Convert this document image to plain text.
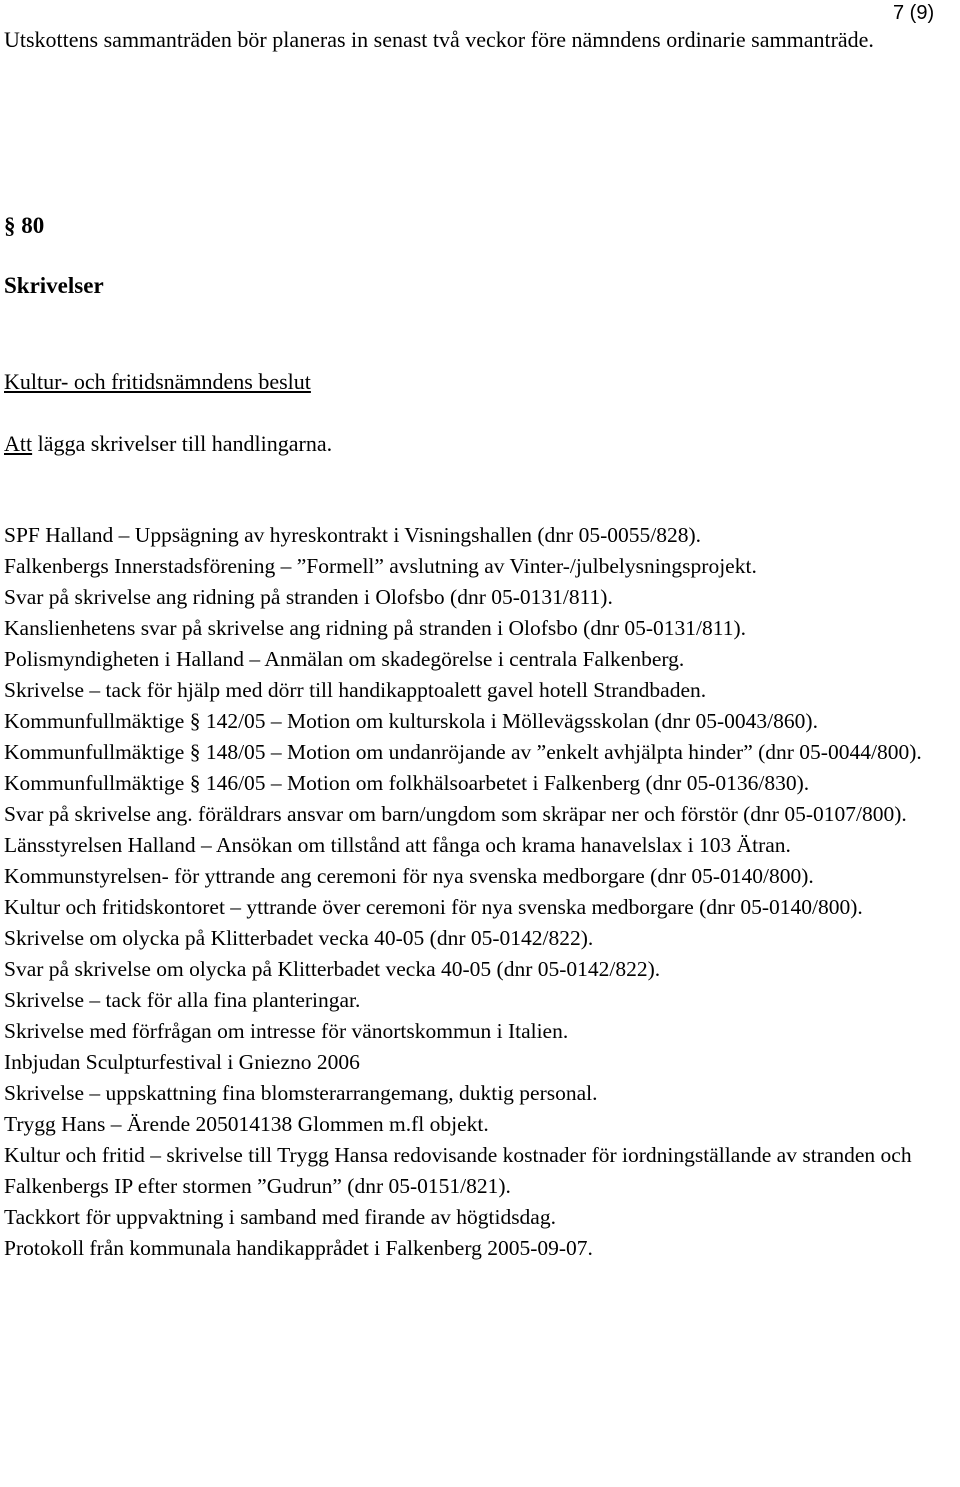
7 (9)
Utskottens sammanträden bör planeras in senast två veckor före nämndens ordinarie sammanträde.
§ 80
Skrivelser
Kultur- och fritidsnämndens beslut
Att lägga skrivelser till handlingarna.
SPF Halland – Uppsägning av hyreskontrakt i Visningshallen (dnr 05-0055/828).
Falkenbergs Innerstadsförening – ”Formell” avslutning av Vinter-/julbelysningsprojekt.
Svar på skrivelse ang ridning på stranden i Olofsbo (dnr 05-0131/811).
Kanslienhetens svar på skrivelse ang ridning på stranden i Olofsbo (dnr 05-0131/811).
Polismyndigheten i Halland – Anmälan om skadegörelse i centrala Falkenberg.
Skrivelse – tack för hjälp med dörr till handikapptoalett gavel hotell Strandbaden.
Kommunfullmäktige § 142/05 – Motion om kulturskola i Möllevägsskolan (dnr 05-0043/860).
Kommunfullmäktige § 148/05 – Motion om undanröjande av ”enkelt avhjälpta hinder” (dnr 05-0044/800).
Kommunfullmäktige § 146/05 – Motion om folkhälsoarbetet i Falkenberg (dnr 05-0136/830).
Svar på skrivelse ang. föräldrars ansvar om barn/ungdom som skräpar ner och förstör (dnr 05-0107/800).
Länsstyrelsen Halland – Ansökan om tillstånd att fånga och krama hanavelslax i 103 Ätran.
Kommunstyrelsen- för yttrande ang ceremoni för nya svenska medborgare (dnr 05-0140/800).
Kultur och fritidskontoret – yttrande över ceremoni för nya svenska medborgare (dnr 05-0140/800).
Skrivelse om olycka på Klitterbadet vecka 40-05 (dnr 05-0142/822).
Svar på skrivelse om olycka på Klitterbadet vecka 40-05 (dnr 05-0142/822).
Skrivelse – tack för alla fina planteringar.
Skrivelse med förfrågan om intresse för vänortskommun i Italien.
Inbjudan Sculpturfestival i Gniezno 2006
Skrivelse – uppskattning fina blomsterarrangemang, duktig personal.
Trygg Hans – Ärende 205014138 Glommen m.fl objekt.
Kultur och fritid – skrivelse till Trygg Hansa redovisande kostnader för iordningställande av stranden och Falkenbergs IP efter stormen ”Gudrun” (dnr 05-0151/821).
Tackkort för uppvaktning i samband med firande av högtidsdag.
Protokoll från kommunala handikapprådet i Falkenberg 2005-09-07.
